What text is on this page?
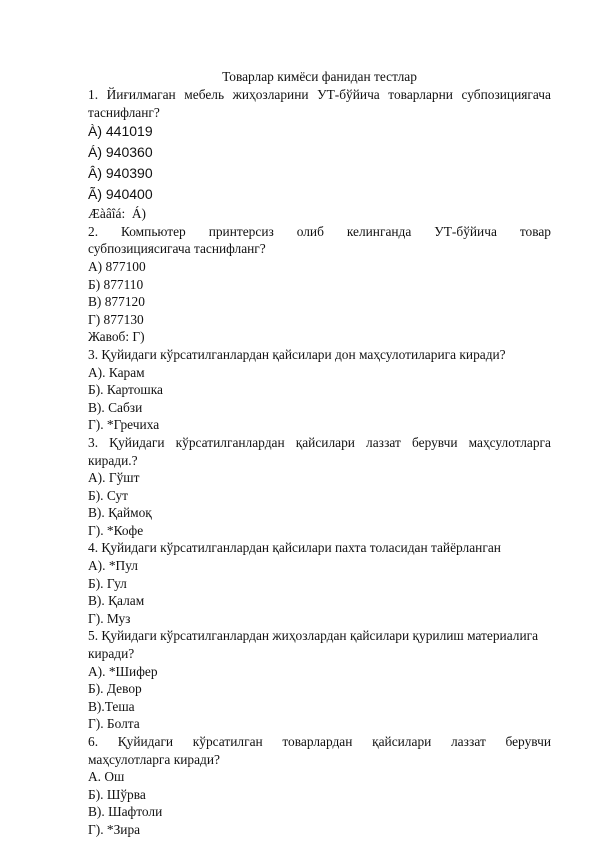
Товарлар кимёси фанидан тестлар

1. Йиғилмаган мебель жиҳозларини УТ-бўйича товарларни субпозициягача таснифланг?

À) 441019

Á) 940360

Â) 940390

Ã) 940400

Æàâîá:  Á)

2. Компьютер принтерсиз олиб келинганда УТ-бўйича товар

субпозициясигача таснифланг?

А) 877100

Б) 877110

В) 877120

Г) 877130

Жавоб: Г)

3. Қуйидаги кўрсатилганлардан қайсилари дон маҳсулотиларига киради?

А). Карам

Б). Картошка

В). Сабзи

Г). *Гречиха

3. Қуйидаги кўрсатилганлардан қайсилари лаззат берувчи маҳсулотларга

киради.?

А). Гўшт

Б). Сут

В). Қаймоқ

Г). *Кофе

4. Қуйидаги кўрсатилганлардан қайсилари пахта толасидан тайёрланган

А). *Пул

Б). Гул

В). Қалам

Г). Муз

5. Қуйидаги кўрсатилганлардан жиҳозлардан қайсилари қурилиш материалига

киради?

А). *Шифер

Б). Девор

В).Теша

Г). Болта

6. Қуйидаги кўрсатилган товарлардан қайсилари лаззат берувчи

маҳсулотларга киради?

А. Ош

Б). Шўрва

В). Шафтоли

Г). *Зира
